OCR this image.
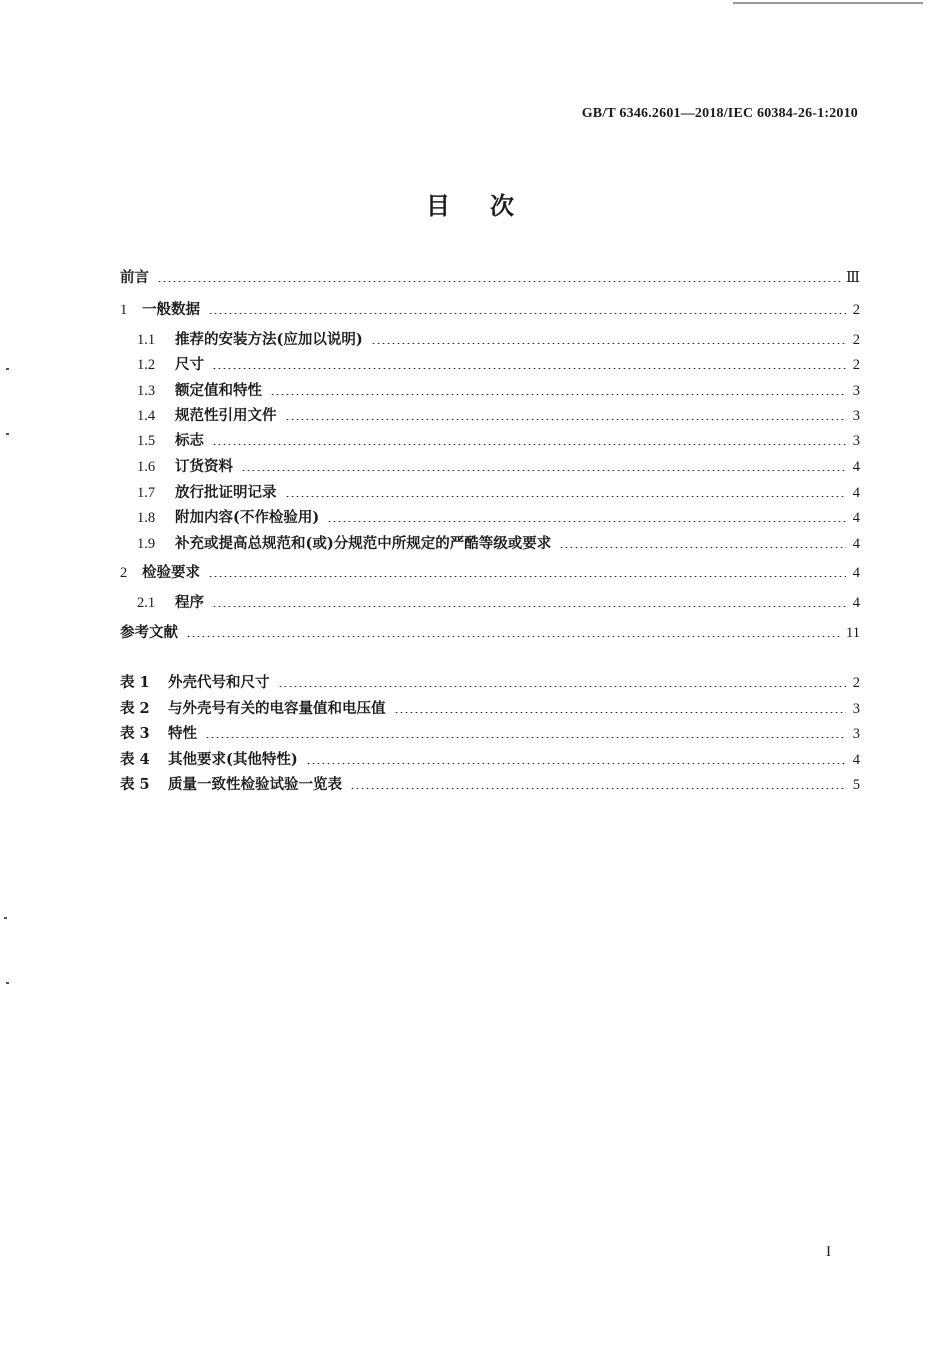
GB/T 6346.2601—2018/IEC 60384-26-1:2010
目次
前言	Ⅲ
1	一般数据	2
1.1	推荐的安装方法(应加以说明)	2
1.2	尺寸	2
1.3	额定值和特性	3
1.4	规范性引用文件	3
1.5	标志	3
1.6	订货资料	4
1.7	放行批证明记录	4
1.8	附加内容(不作检验用)	4
1.9	补充或提高总规范和(或)分规范中所规定的严酷等级或要求	4
2	检验要求	4
2.1	程序	4
参考文献	11
表 1	外壳代号和尺寸	2
表 2	与外壳号有关的电容量值和电压值	3
表 3	特性	3
表 4	其他要求(其他特性)	4
表 5	质量一致性检验试验一览表	5
I
